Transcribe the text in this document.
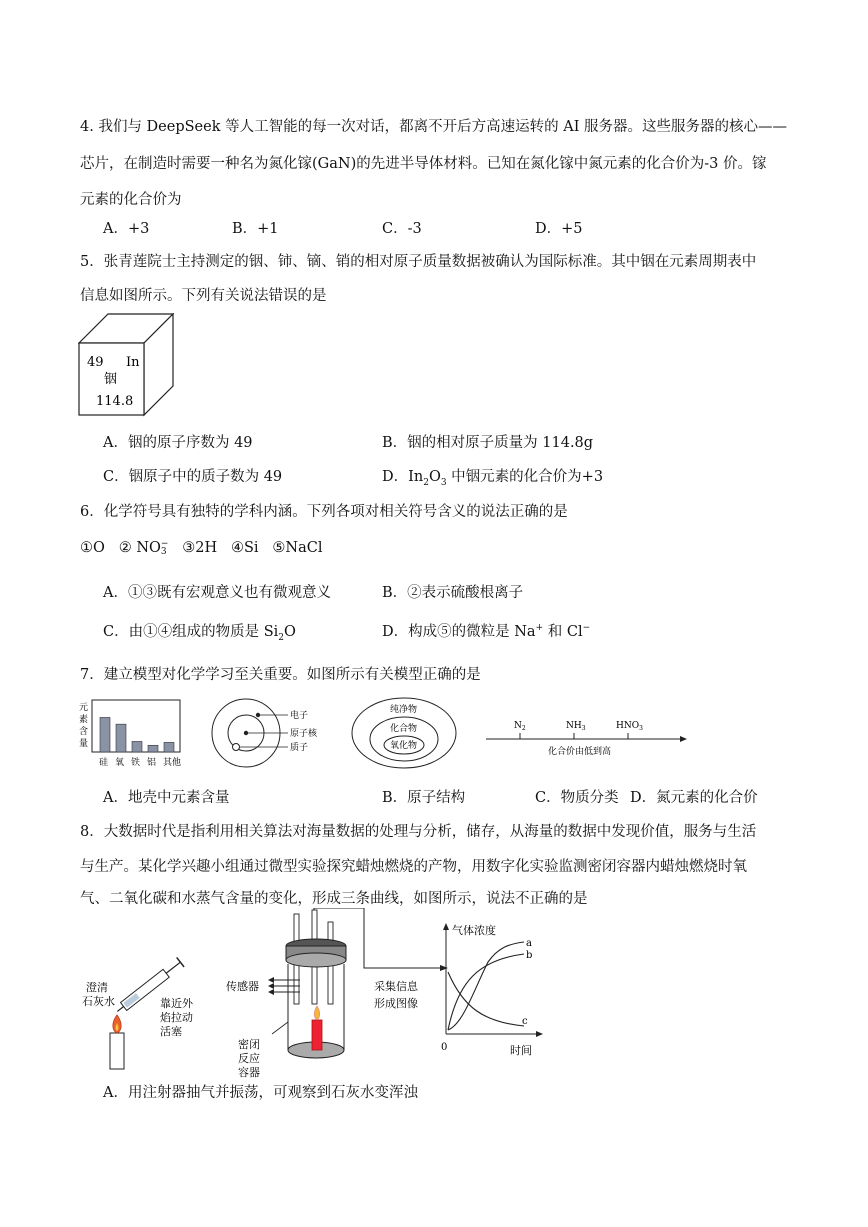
4. 我们与 DeepSeek 等人工智能的每一次对话，都离不开后方高速运转的 AI 服务器。这些服务器的核心——
芯片，在制造时需要一种名为氮化镓(GaN)的先进半导体材料。已知在氮化镓中氮元素的化合价为-3 价。镓
元素的化合价为
A．+3	B．+1	C．-3	D．+5
5．张青莲院士主持测定的铟、铈、镝、销的相对原子质量数据被确认为国际标准。其中铟在元素周期表中
信息如图所示。下列有关说法错误的是
49 In
铟
114.8
A．铟的原子序数为 49	B．铟的相对原子质量为 114.8g
C．铟原子中的质子数为 49	D．$In_2O_3$ 中铟元素的化合价为+3
6．化学符号具有独特的学科内涵。下列各项对相关符号含义的说法正确的是
①O ② NO −
3 ③2H ④Si ⑤NaCl
A．①③既有宏观意义也有微观意义	B．②表示硫酸根离子
C．由①④组成的物质是 $Si_2O$	D．构成⑤的微粒是 Na+ 和 Cl−
7．建立模型对化学学习至关重要。如图所示有关模型正确的是
元
素
含
量
硅 氧 铁 铝 其他
电子
原子核
质子
纯净物
化合物
氧化物
$N_2$	$NH_3$	$HNO_3$
化合价由低到高
A．地壳中元素含量	B．原子结构	C．物质分类 D．氮元素的化合价
8．大数据时代是指利用相关算法对海量数据的处理与分析，储存，从海量的数据中发现价值，服务与生活
与生产。某化学兴趣小组通过微型实验探究蜡烛燃烧的产物，用数字化实验监测密闭容器内蜡烛燃烧时氧
气、二氧化碳和水蒸气含量的变化，形成三条曲线，如图所示，说法不正确的是
澄清
石灰水	靠近外
焰拉动
活塞
传感器
密闭
反应
容器
采集信息
形成图像
气体浓度
a
b
c
0	时间
A．用注射器抽气并振荡，可观察到石灰水变浑浊
